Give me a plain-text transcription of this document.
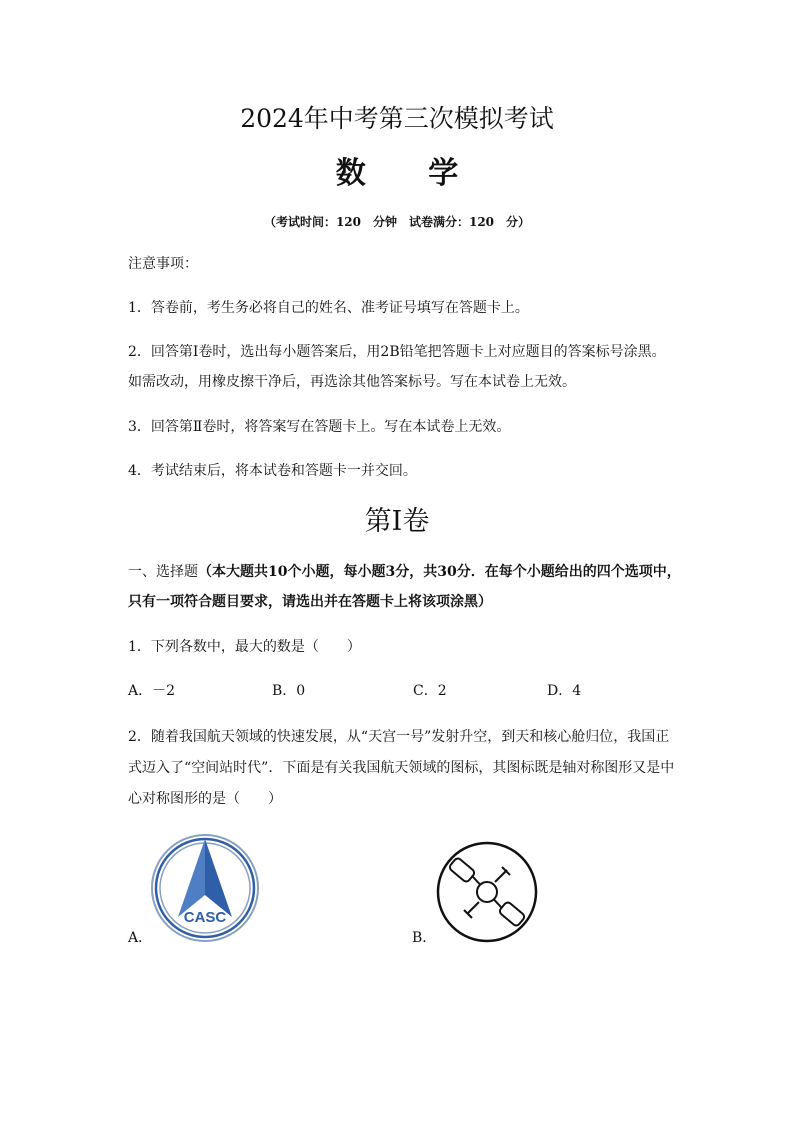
2024年中考第三次模拟考试
数 学
（考试时间：120　分钟　试卷满分：120　分）
注意事项：
1．答卷前，考生务必将自己的姓名、准考证号填写在答题卡上。
2．回答第Ⅰ卷时，选出每小题答案后，用2B铅笔把答题卡上对应题目的答案标号涂黑。
如需改动，用橡皮擦干净后，再选涂其他答案标号。写在本试卷上无效。
3．回答第Ⅱ卷时，将答案写在答题卡上。写在本试卷上无效。
4．考试结束后，将本试卷和答题卡一并交回。
第Ⅰ卷
一、选择题（本大题共10个小题，每小题3分，共30分．在每个小题给出的四个选项中，
只有一项符合题目要求，请选出并在答题卡上将该项涂黑）
1．下列各数中，最大的数是（　　）
A．－2	B．0	C．2	D．4
2．随着我国航天领域的快速发展，从“天宫一号”发射升空，到天和核心舱归位，我国正
式迈入了“空间站时代”．下面是有关我国航天领域的图标，其图标既是轴对称图形又是中
心对称图形的是（　　）
CASC
A．	B．
